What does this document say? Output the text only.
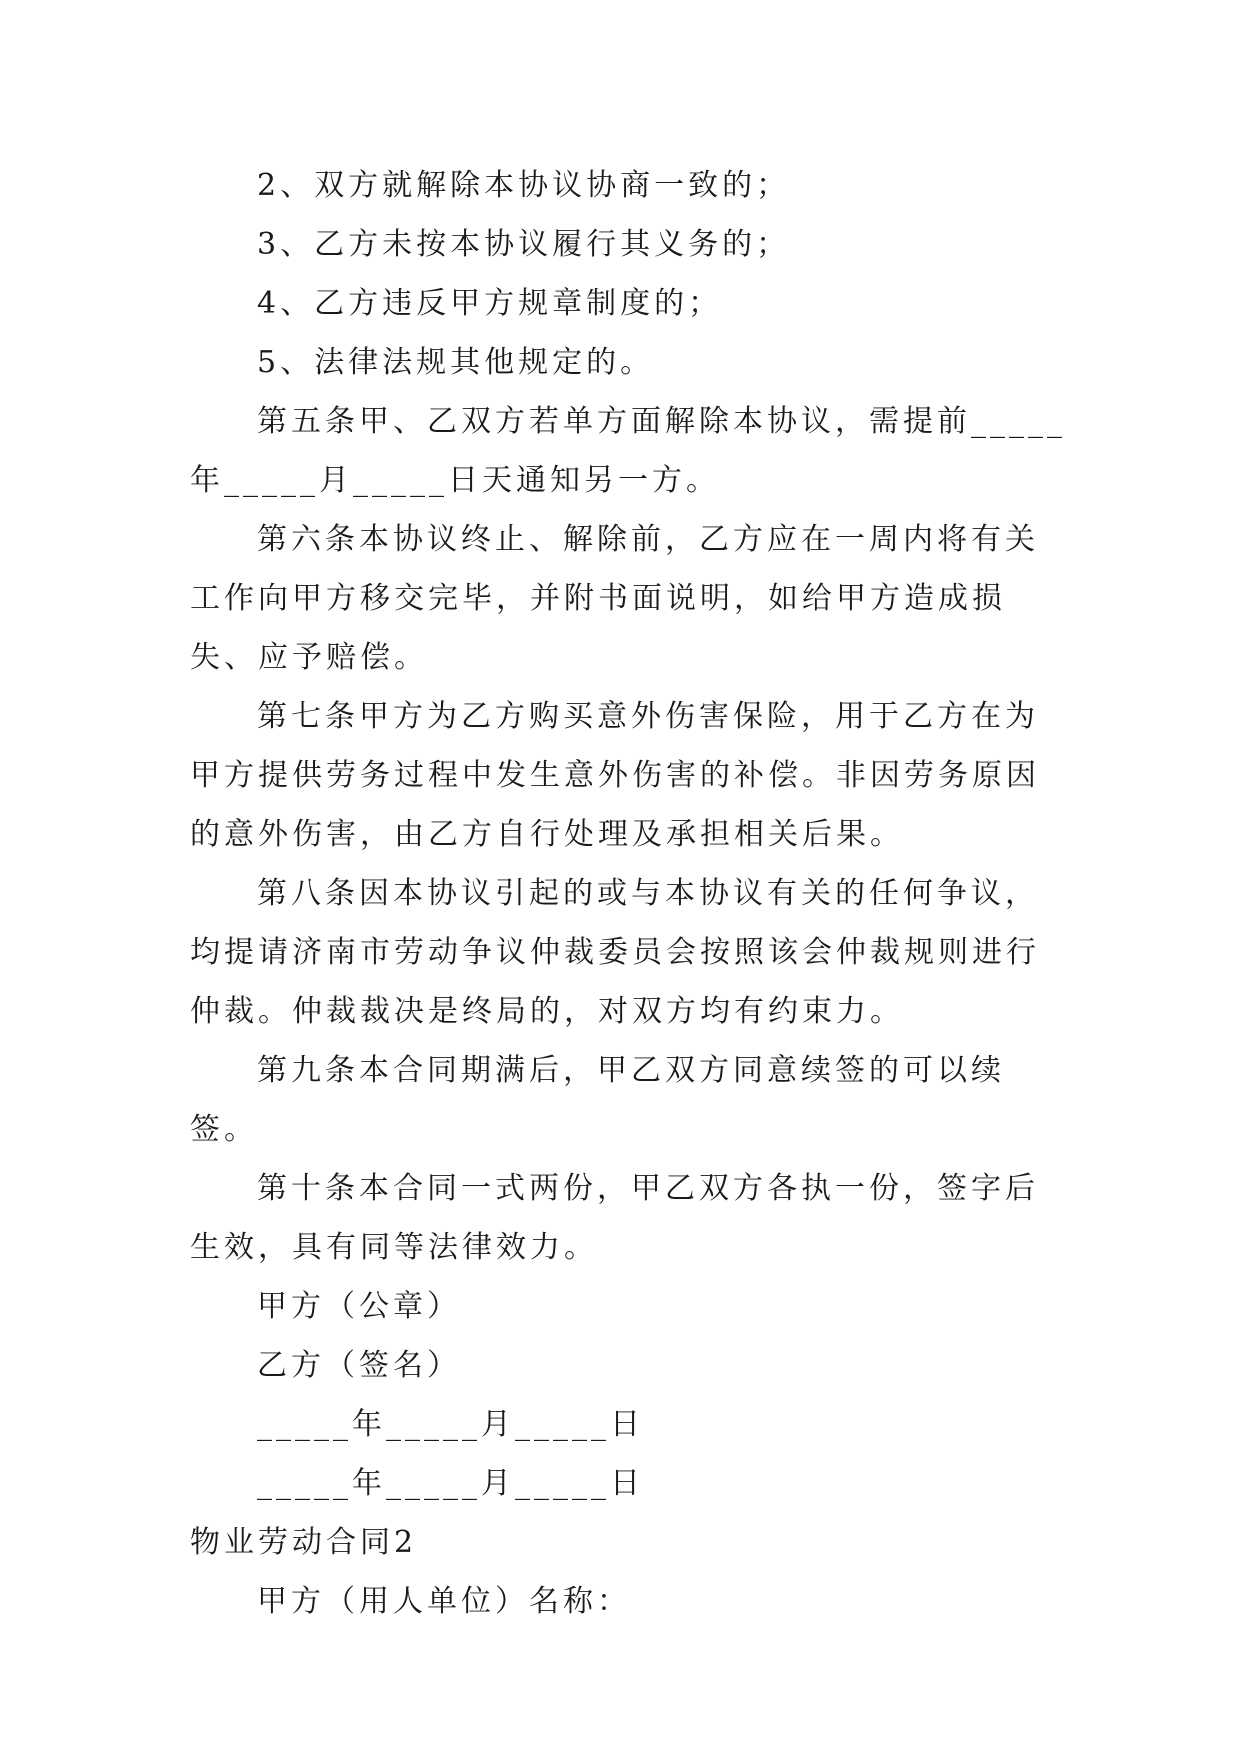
2、双方就解除本协议协商一致的；

3、乙方未按本协议履行其义务的；

4、乙方违反甲方规章制度的；

5、法律法规其他规定的。

第五条甲、乙双方若单方面解除本协议，需提前_____年_____月_____日天通知另一方。

第六条本协议终止、解除前，乙方应在一周内将有关工作向甲方移交完毕，并附书面说明，如给甲方造成损失、应予赔偿。

第七条甲方为乙方购买意外伤害保险，用于乙方在为甲方提供劳务过程中发生意外伤害的补偿。非因劳务原因的意外伤害，由乙方自行处理及承担相关后果。

第八条因本协议引起的或与本协议有关的任何争议，均提请济南市劳动争议仲裁委员会按照该会仲裁规则进行仲裁。仲裁裁决是终局的，对双方均有约束力。

第九条本合同期满后，甲乙双方同意续签的可以续签。

第十条本合同一式两份，甲乙双方各执一份，签字后生效，具有同等法律效力。

甲方（公章）

乙方（签名）

_____年_____月_____日

_____年_____月_____日

物业劳动合同2

甲方（用人单位）名称：
